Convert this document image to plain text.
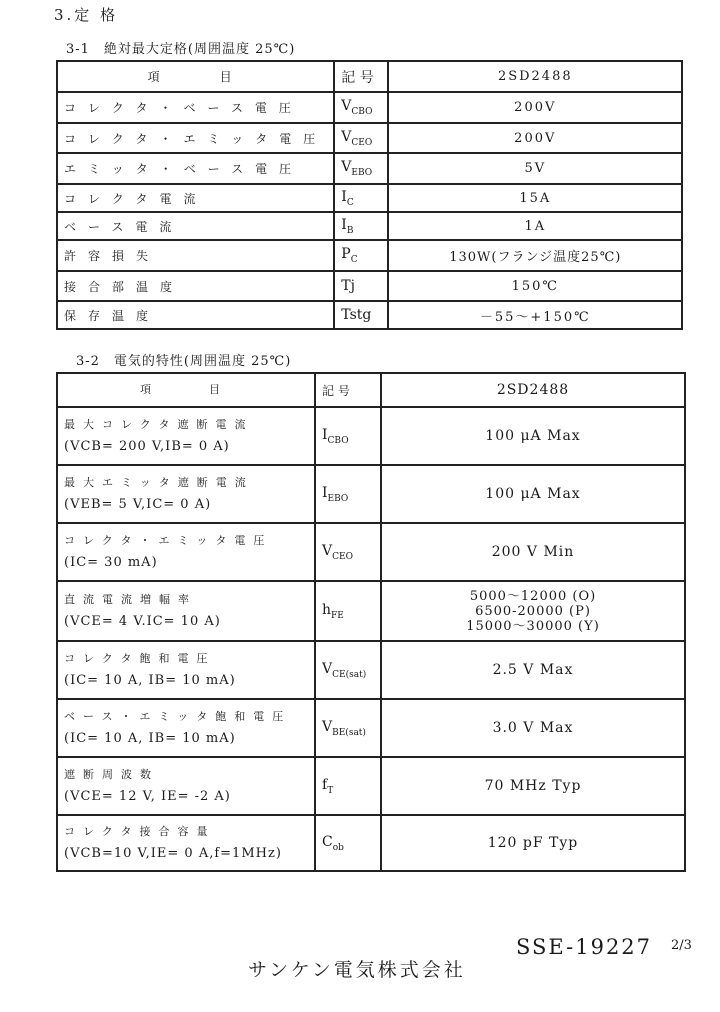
3.定 格
3-1　絶対最大定格(周囲温度 25℃)
項　　目	記 号	2SD2488
コレクタ・ベース電圧	$V_{CBO}$	200V
コレクタ・エミッタ電圧	$V_{CEO}$	200V
エミッタ・ベース電圧	$V_{EBO}$	5V
コレクタ電流	$I_C$	15A
ベース電流	$I_B$	1A
許容損失	$P_C$	130W(フランジ温度25℃)
接合部温度	Tj	150℃
保存温度	Tstg	－55～+150℃
3-2　電気的特性(周囲温度 25℃)
項　　目	記 号	2SD2488

最大コレクタ遮断電流
(VCB= 200 V,IB= 0 A)	$I_{CBO}$	100 μA Max

最大エミッタ遮断電流
(VEB= 5 V,IC= 0 A)	$I_{EBO}$	100 μA Max

コレクタ・エミッタ電圧
(IC= 30 mA)	$V_{CEO}$	200 V Min

直流電流増幅率
(VCE= 4 V.IC= 10 A)	$h_{FE}$	5000～12000 (O)
6500-20000 (P)
15000～30000 (Y)

コレクタ飽和電圧
(IC= 10 A, IB= 10 mA)	$V_{CE(sat)}$	2.5 V Max

ベース・エミッタ飽和電圧
(IC= 10 A, IB= 10 mA)	$V_{BE(sat)}$	3.0 V Max

遮断周波数
(VCE= 12 V, IE= -2 A)	$f_T$	70 MHz Typ

コレクタ接合容量
(VCB=10 V,IE= 0 A,f=1MHz)	$C_{ob}$	120 pF Typ
SSE-19227 2/3
サンケン電気株式会社
